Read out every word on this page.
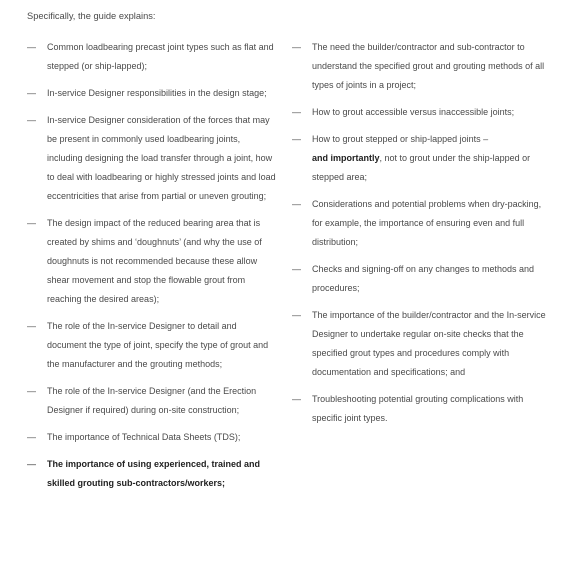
Specifically, the guide explains:
—	Common loadbearing precast joint types such as flat and stepped (or ship-lapped);
—	In-service Designer responsibilities in the design stage;
—	In-service Designer consideration of the forces that may be present in commonly used loadbearing joints, including designing the load transfer through a joint, how to deal with loadbearing or highly stressed joints and load eccentricities that arise from partial or uneven grouting;
—	The design impact of the reduced bearing area that is created by shims and ‘doughnuts’ (and why the use of doughnuts is not recommended because these allow shear movement and stop the flowable grout from reaching the desired areas);
—	The role of the In-service Designer to detail and document the type of joint, specify the type of grout and the manufacturer and the grouting methods;
—	The role of the In-service Designer (and the Erection Designer if required) during on-site construction;
—	The importance of Technical Data Sheets (TDS);
—	The importance of using experienced, trained and skilled grouting sub-contractors/workers;
—	The need the builder/contractor and sub-contractor to understand the specified grout and grouting methods of all types of joints in a project;
—	How to grout accessible versus inaccessible joints;
—	How to grout stepped or ship-lapped joints –
and importantly, not to grout under the ship-lapped or stepped area;
—	Considerations and potential problems when dry-packing, for example, the importance of ensuring even and full distribution;
—	Checks and signing-off on any changes to methods and procedures;
—	The importance of the builder/contractor and the In-service Designer to undertake regular on-site checks that the specified grout types and procedures comply with documentation and specifications; and
—	Troubleshooting potential grouting complications with specific joint types.
